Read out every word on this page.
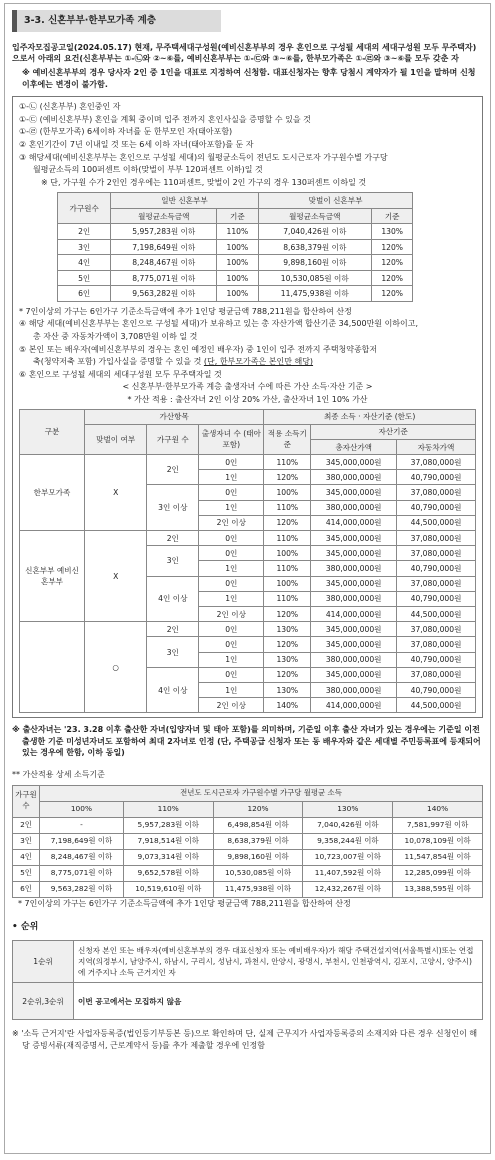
3-3. 신혼부부·한부모가족 계층

입주자모집공고일(2024.05.17) 현재, 무주택세대구성원(예비신혼부부의 경우 혼인으로 구성될 세대의 세대구성원 모두 무주택자)으로서 아래의 요건(신혼부부는 ①-㉡와 ②~⑥를, 예비신혼부부는 ①-㉢와 ③~⑥를, 한부모가족은 ①-㉣와 ③~⑥를 모두 갖춘 자

※ 예비신혼부부의 경우 당사자 2인 중 1인을 대표로 지정하여 신청함. 대표신청자는 향후 당첨시 계약자가 될 1인을 말하며 신청 이후에는 변경이 불가함.

①-㉡ (신혼부부) 혼인중인 자

①-㉢ (예비신혼부부) 혼인을 계획 중이며 입주 전까지 혼인사실을 증명할 수 있을 것

①-㉣ (한부모가족) 6세이하 자녀를 둔 한부모인 자(태아포함)

② 혼인기간이 7년 이내일 것 또는 6세 이하 자녀(태아포함)를 둔 자

③ 해당세대(예비신혼부부는 혼인으로 구성될 세대)의 월평균소득이 전년도 도시근로자 가구원수별 가구당

월평균소득의 100퍼센트 이하(맞벌이 부부 120퍼센트 이하)일 것

※ 단, 가구원 수가 2인인 경우에는 110퍼센트, 맞벌이 2인 가구의 경우 130퍼센트 이하일 것

가구원수	일반 신혼부부		맞벌이 신혼부부	
	월평균소득금액	기준	월평균소득금액	기준
2인	5,957,283원 이하	110%	7,040,426원 이하	130%
3인	7,198,649원 이하	100%	8,638,379원 이하	120%
4인	8,248,467원 이하	100%	9,898,160원 이하	120%
5인	8,775,071원 이하	100%	10,530,085원 이하	120%
6인	9,563,282원 이하	100%	11,475,938원 이하	120%

* 7인이상의 가구는 6인가구 기준소득금액에 추가 1인당 평균금액 788,211원을 합산하여 산정

④ 해당 세대(예비신혼부부는 혼인으로 구성될 세대)가 보유하고 있는 총 자산가액 합산기준 34,500만원 이하이고,

총 자산 중 자동차가액이 3,708만원 이하 일 것

⑤ 본인 또는 배우자(예비신혼부부의 경우는 혼인 예정인 배우자) 중 1인이 입주 전까지 주택청약종합저

축(청약저축 포함) 가입사실을 증명할 수 있을 것 (단, 한부모가족은 본인만 해당)

⑥ 혼인으로 구성될 세대의 세대구성원 모두 무주택자일 것

< 신혼부부·한부모가족 계층 출생자녀 수에 따른 가산 소득·자산 기준 >

* 가산 적용 : 출산자녀 2인 이상 20% 가산, 출산자녀 1인 10% 가산

구분	가산항목			최종 소득 · 자산기준 (한도)		
	맞벌이 여부	가구원 수	출생자녀 수 (태아포함)	적용 소득기준	자산기준	
					총자산가액	자동차가액
한부모가족	X	2인	0인	110%	345,000,000원	37,080,000원
			1인	120%	380,000,000원	40,790,000원
		3인 이상	0인	100%	345,000,000원	37,080,000원
			1인	110%	380,000,000원	40,790,000원
			2인 이상	120%	414,000,000원	44,500,000원
신혼부부 예비신혼부부	X	2인	0인	110%	345,000,000원	37,080,000원
		3인	0인	100%	345,000,000원	37,080,000원
			1인	110%	380,000,000원	40,790,000원
		4인 이상	0인	100%	345,000,000원	37,080,000원
			1인	110%	380,000,000원	40,790,000원
			2인 이상	120%	414,000,000원	44,500,000원
	○	2인	0인	130%	345,000,000원	37,080,000원
		3인	0인	120%	345,000,000원	37,080,000원
			1인	130%	380,000,000원	40,790,000원
		4인 이상	0인	120%	345,000,000원	37,080,000원
			1인	130%	380,000,000원	40,790,000원
			2인 이상	140%	414,000,000원	44,500,000원

※ 출산자녀는 '23. 3.28 이후 출산한 자녀(입양자녀 및 태아 포함)를 의미하며, 기준일 이후 출산 자녀가 있는 경우에는 기준일 이전 출생한 기준 미성년자녀도 포함하여 최대 2자녀로 인정 (단, 주택공급 신청자 또는 동 배우자와 같은 세대별 주민등록표에 등재되어 있는 경우에 한함, 이하 동일)

** 가산적용 상세 소득기준

가구원 수	전년도 도시근로자 가구원수별 가구당 월평균 소득				
	100%	110%	120%	130%	140%
2인	-	5,957,283원 이하	6,498,854원 이하	7,040,426원 이하	7,581,997원 이하
3인	7,198,649원 이하	7,918,514원 이하	8,638,379원 이하	9,358,244원 이하	10,078,109원 이하
4인	8,248,467원 이하	9,073,314원 이하	9,898,160원 이하	10,723,007원 이하	11,547,854원 이하
5인	8,775,071원 이하	9,652,578원 이하	10,530,085원 이하	11,407,592원 이하	12,285,099원 이하
6인	9,563,282원 이하	10,519,610원 이하	11,475,938원 이하	12,432,267원 이하	13,388,595원 이하

* 7인이상의 가구는 6인가구 기준소득금액에 추가 1인당 평균금액 788,211원을 합산하여 산정

• 순위

1순위	신청자 본인 또는 배우자(예비신혼부부의 경우 대표신청자 또는 예비배우자)가 해당 주택건설지역(서울특별시)또는 연접지역(의정부시, 남양주시, 하남시, 구리시, 성남시, 과천시, 안양시, 광명시, 부천시, 인천광역시, 김포시, 고양시, 양주시)에 거주지나 소득 근거지인 자
2순위,3순위	이번 공고에서는 모집하지 않음

※ '소득 근거지'란 사업자등록증(법인등기부등본 등)으로 확인하며 단, 실제 근무지가 사업자등록증의 소재지와 다른 경우 신청인이 해당 증빙서류(재직증명서, 근로계약서 등)를 추가 제출할 경우에 인정함
